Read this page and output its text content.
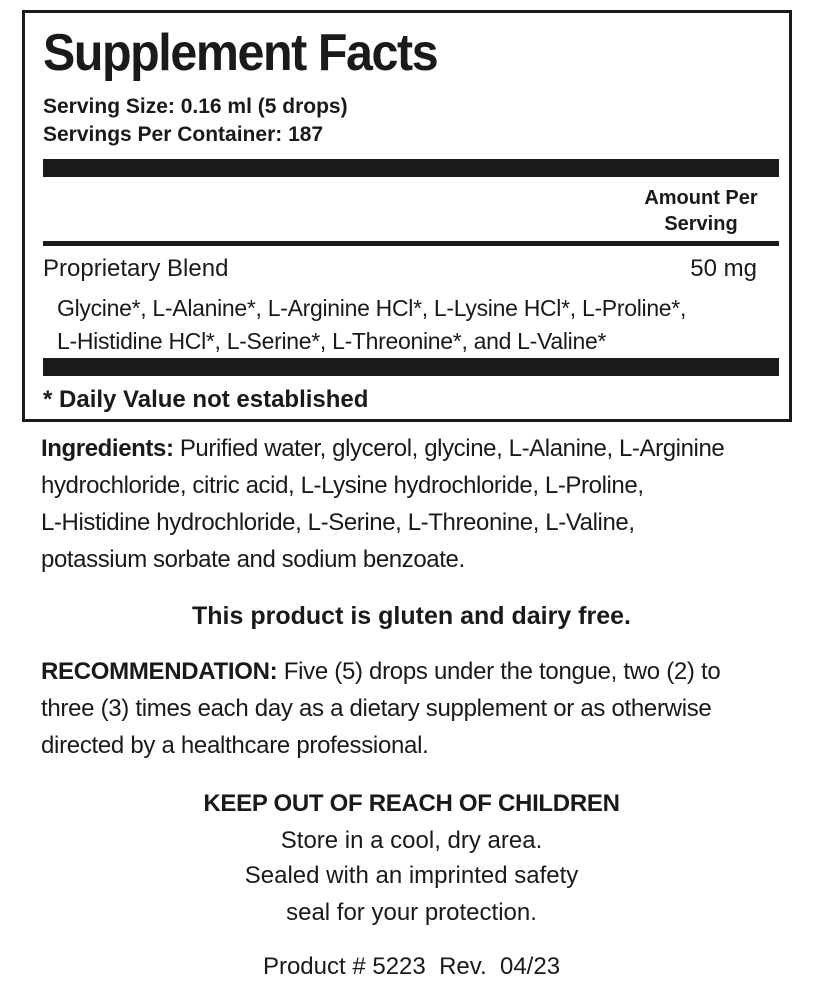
Supplement Facts
Serving Size: 0.16 ml (5 drops)
Servings Per Container: 187
Amount Per
Serving
Proprietary Blend	50 mg
Glycine*, L-Alanine*, L-Arginine HCl*, L-Lysine HCl*, L-Proline*,
L-Histidine HCl*, L-Serine*, L-Threonine*, and L-Valine*
* Daily Value not established
Ingredients: Purified water, glycerol, glycine, L-Alanine, L-Arginine
hydrochloride, citric acid, L-Lysine hydrochloride, L-Proline,
L-Histidine hydrochloride, L-Serine, L-Threonine, L-Valine,
potassium sorbate and sodium benzoate.
This product is gluten and dairy free.
RECOMMENDATION: Five (5) drops under the tongue, two (2) to
three (3) times each day as a dietary supplement or as otherwise
directed by a healthcare professional.
KEEP OUT OF REACH OF CHILDREN
Store in a cool, dry area.
Sealed with an imprinted safety
seal for your protection.
Product # 5223  Rev.  04/23
